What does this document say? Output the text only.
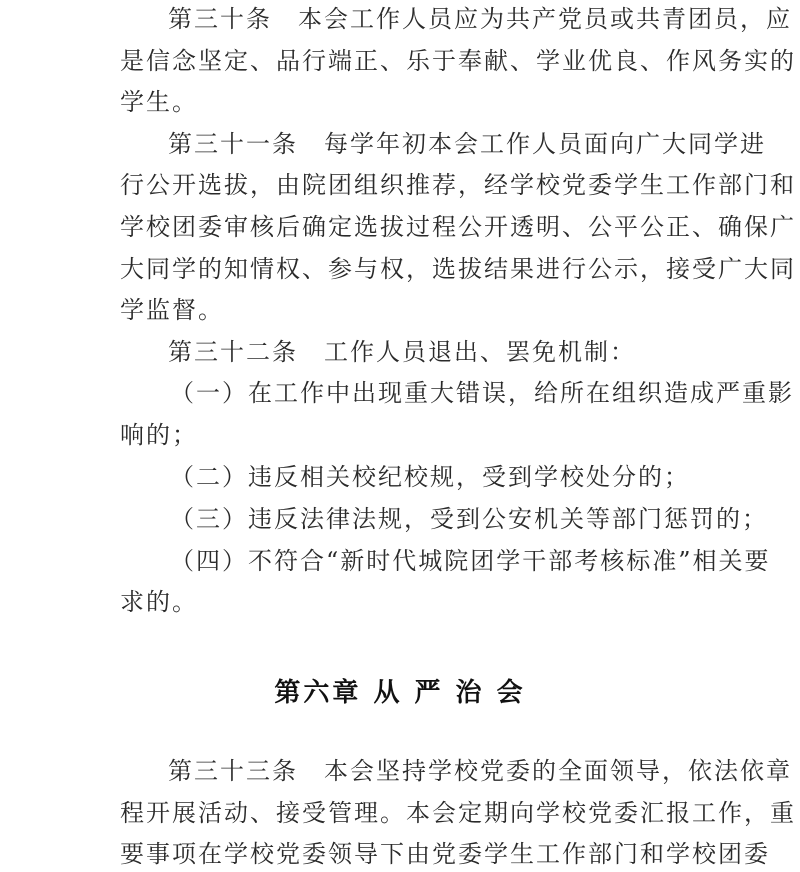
第三十条　本会工作人员应为共产党员或共青团员，应
是信念坚定、品行端正、乐于奉献、学业优良、作风务实的
学生。
第三十一条　每学年初本会工作人员面向广大同学进
行公开选拔，由院团组织推荐，经学校党委学生工作部门和
学校团委审核后确定选拔过程公开透明、公平公正、确保广
大同学的知情权、参与权，选拔结果进行公示，接受广大同
学监督。
第三十二条　工作人员退出、罢免机制：
（一）在工作中出现重大错误，给所在组织造成严重影
响的；
（二）违反相关校纪校规，受到学校处分的；
（三）违反法律法规，受到公安机关等部门惩罚的；
（四）不符合“新时代城院团学干部考核标准”相关要
求的。
第六章 从 严 治 会
第三十三条　本会坚持学校党委的全面领导，依法依章
程开展活动、接受管理。本会定期向学校党委汇报工作，重
要事项在学校党委领导下由党委学生工作部门和学校团委
